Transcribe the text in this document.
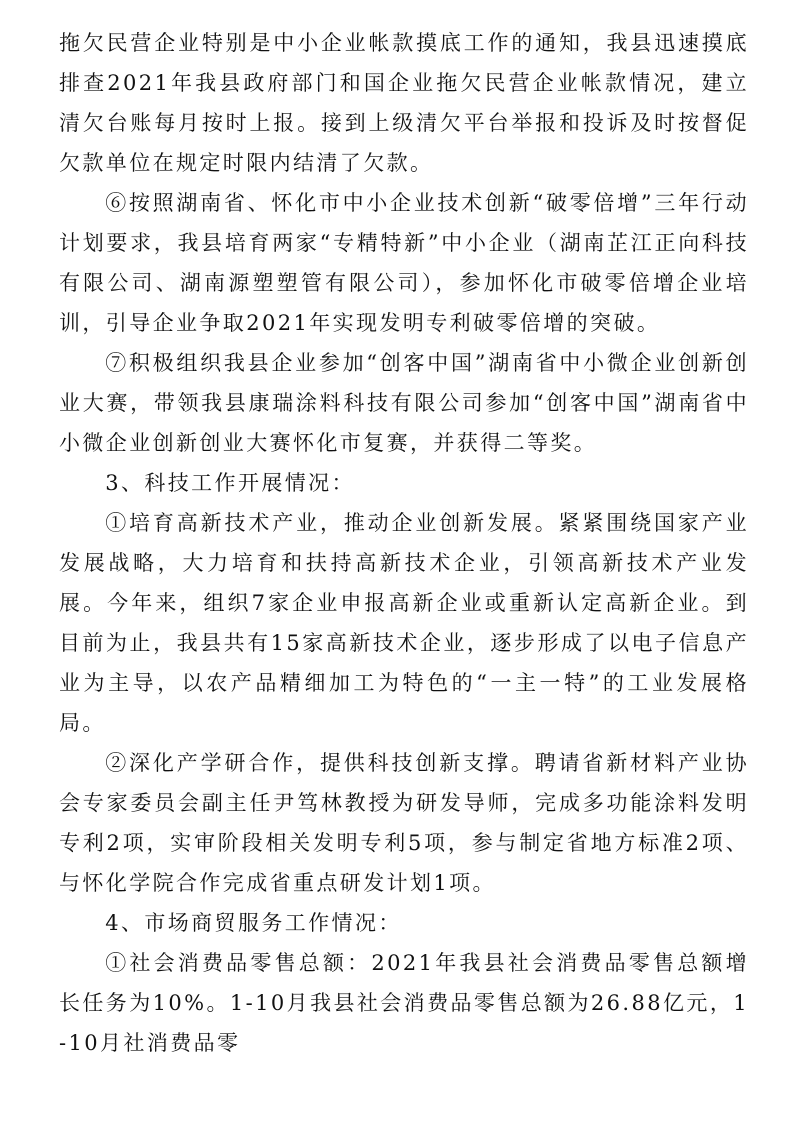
拖欠民营企业特别是中小企业帐款摸底工作的通知，我县迅速摸底排查2021年我县政府部门和国企业拖欠民营企业帐款情况，建立清欠台账每月按时上报。接到上级清欠平台举报和投诉及时按督促欠款单位在规定时限内结清了欠款。

⑥按照湖南省、怀化市中小企业技术创新“破零倍增”三年行动计划要求，我县培育两家“专精特新”中小企业（湖南芷江正向科技有限公司、湖南源塑塑管有限公司），参加怀化市破零倍增企业培训，引导企业争取2021年实现发明专利破零倍增的突破。

⑦积极组织我县企业参加“创客中国”湖南省中小微企业创新创业大赛，带领我县康瑞涂料科技有限公司参加“创客中国”湖南省中小微企业创新创业大赛怀化市复赛，并获得二等奖。

3、科技工作开展情况：

①培育高新技术产业，推动企业创新发展。紧紧围绕国家产业发展战略，大力培育和扶持高新技术企业，引领高新技术产业发展。今年来，组织7家企业申报高新企业或重新认定高新企业。到目前为止，我县共有15家高新技术企业，逐步形成了以电子信息产业为主导，以农产品精细加工为特色的“一主一特”的工业发展格局。

②深化产学研合作，提供科技创新支撑。聘请省新材料产业协会专家委员会副主任尹笃林教授为研发导师，完成多功能涂料发明专利2项，实审阶段相关发明专利5项，参与制定省地方标准2项、与怀化学院合作完成省重点研发计划1项。

4、市场商贸服务工作情况：

①社会消费品零售总额：2021年我县社会消费品零售总额增长任务为10%。1-10月我县社会消费品零售总额为26.88亿元，1-10月社消费品零
